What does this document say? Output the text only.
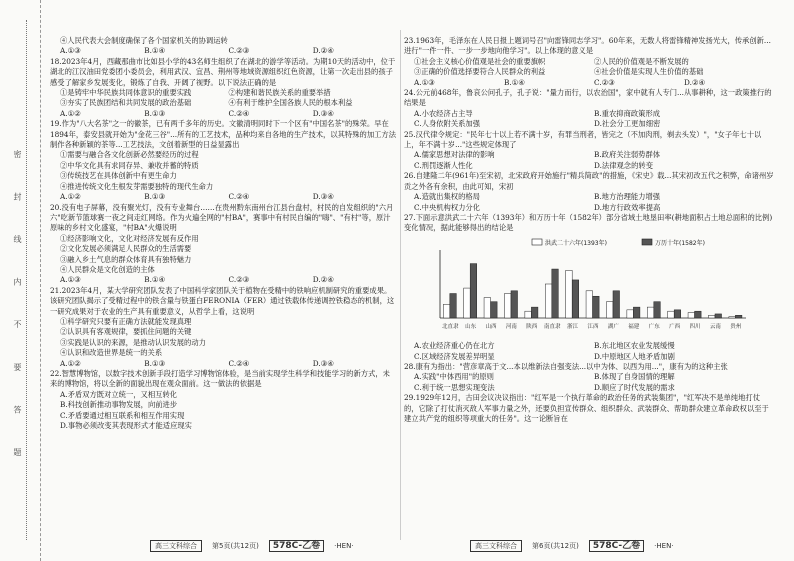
密 封 线 内 不 要 答 题
④人民代表大会制度确保了各个国家机关的协调运转
A.①③	B.①④	C.②③	D.②④
18.2023年4月，西藏那曲市比如县小学的43名师生组织了在湖北的游学等活动。为期10天的活动中，位于湖北的江汉油田党委团小委员会，利用武汉、宜昌、荆州等地域资源组织红色资源，让第一次走出县的孩子感受了解家乡发展变化，锻炼了自我、开阔了视野。以下说法正确的是
①是铸牢中华民族共同体意识的重要实践	②构建和谐民族关系的重要举措
③夯实了民族团结和共同发展的政治基础	④有利于维护全国各族人民的根本利益
A.①②	B.①③	C.②④	D.③④
19.作为"八大名茶"之一的徽茶，已有两千多年的历史。文徽清明同时下一个区有"中国名茶"的殊荣。早在1894年，泰安县就开始为"金花三谷"...所有的工艺技术，品种均来自各地的生产技术，以其特殊的加工方法制作各种新颖的茶等...工艺技法，文创着新型的日益显露出
①需要与融合各文化创新必然要经历的过程
②中华文化具有求同存异、兼收并蓄的特质
③传统技艺在具体创新中有更生命力
④推进传统文化生根发芽需要独特的现代生命力
A.①②	B.①③	C.②④	D.③④
20.没有电子屏幕，没有聚光灯，没有专业舞台……在贵州黔东南州台江县台盘村，村民的自发组织的"六月六"吃新节篮球赛一夜之间走红网络。作为火遍全网的"村BA"，赛事中有村民自编的"嗨"、"有村"等，原汁原味的乡村文化盛宴，"村BA"火爆说明
①经济影响文化，文化对经济发展有反作用
②文化发展必须满足人民群众的生活需要
③融入乡土气息的群众体育具有独特魅力
④人民群众是文化创造的主体
A.①③	B.①④	C.②③	D.②④
21.2023年4月，某大学研究团队发表了中国科学家团队关于植物在受精中的铁响应机制研究的重要成果。该研究团队揭示了受精过程中的铁含量与铁蛋白FERONIA（FER）通过铁载体传递调控铁稳态的机制，这一研究成果对于农业的生产具有重要意义，从哲学上看，这说明
①科学研究只要有正确方法就能发现真理
②认识具有客观规律，要抓住问题的关键
③实践是认识的来源，是推动认识发展的动力
④认识和改造世界是统一的关系
A.①②	B.①③	C.②④	D.③④
22.智慧博物馆，以数字技术创新手段打造学习博物馆体验，是当前实现学生科学和技能学习的新方式，未来的博物馆，将以全新的面貌出现在观众面前。这一做法的依据是
A.矛盾双方既对立统一，又相互转化
B.科技创新推动事物发展，向前进步
C.矛盾要通过相互联系和相互作用实现
D.事物必须改变其表现形式才能适应现实
高三文科综合	第5页(共12页)	578C-乙卷	·HEN·
23.1963年，毛泽东在人民日报上题词号召"向雷锋同志学习"。60年来，无数人将雷锋精神发扬光大，传承创新...进行"一件一件、一步一步地向他学习"。以上体现的意义是
①社会主义核心价值观是社会的重要旗帜	②人民的价值观是不断发展的
③正确的价值选择要符合人民群众的利益	④社会价值是实现人生价值的基础
A.①③	B.①④	C.②③	D.②④
24.公元前468年，鲁哀公问孔子，孔子说："量力而行，以农治国"，家中就有人专门...从事耕种，这一政策推行的结果是
A.小农经济占主导	B.重农抑商政策形成
C.人身依附关系加强	D.社会分工更加细密
25.汉代律令规定："民年七十以上若不满十岁，有罪当刑者，皆完之（不加肉刑，剃去头发）"，"女子年七十以上，年不满十岁..."这些规定体现了
A.儒家思想对法律的影响	B.政府关注弱势群体
C.刑罚逐渐人性化	D.法律观念的转变
26.自建隆二年(961年)至宋初，北宋政府开始施行"精兵简政"的措施，《宋史》载...其宋初改五代之积弊，命诸州岁贡之外各有余积，由此可知，宋初
A.造就出集权的格局	B.地方治理能力增强
C.中央机构权力分化	D.地方行政效率提高
27.下面示意洪武二十六年（1393年）和万历十年（1582年）部分省域土地垦田率(耕地面积占土地总面积的比例)变化情况，据此能够得出的结论是
洪武二十六年(1393年)	万历十年(1582年)
北直隶 山东 山西 河南 陕西 南直隶 浙江 江西 湖广 福建 广东 广西 四川 云南 贵州
A.农业经济重心仍在北方	B.东北地区农业发展缓慢
C.区域经济发展差异明显	D.中原地区人地矛盾加剧
28.康有为指出："营彦章高于文...本以维新法自强变法...以中为体、以西为用..."，康有为的这种主张
A.实践"中体西用"的原则	B.体现了自身国情的理解
C.利于统一思想实现变法	D.顺应了时代发展的需求
29.1929年12月，古田会议决议指出："红军是一个执行革命的政治任务的武装集团"，"红军决不是单纯地打仗的，它除了打仗消灭敌人军事力量之外，还要负担宣传群众、组织群众、武装群众、帮助群众建立革命政权以至于建立共产党的组织等项重大的任务"。这一论断旨在
高三文科综合	第6页(共12页)	578C-乙卷	·HEN·
